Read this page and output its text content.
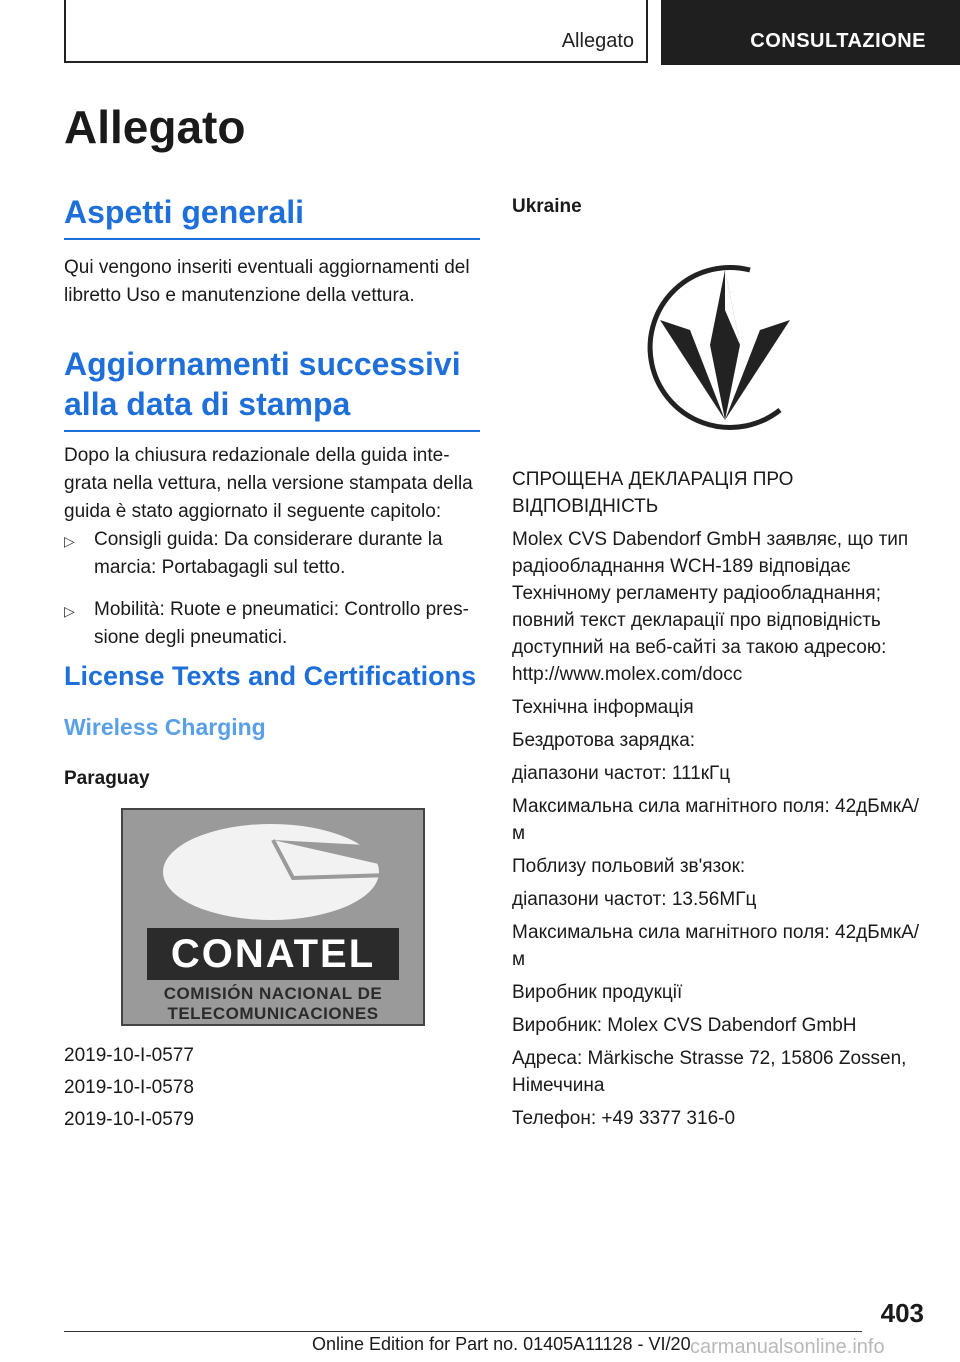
Allegato	CONSULTAZIONE
Allegato
Aspetti generali

Qui vengono inseriti eventuali aggiornamenti del libretto Uso e manutenzione della vettura.

Aggiornamenti successivi
alla data di stampa

Dopo la chiusura redazionale della guida integrata nella vettura, nella versione stampata della guida è stato aggiornato il seguente capitolo:

▷ Consigli guida: Da considerare durante la marcia: Portabagagli sul tetto.
▷ Mobilità: Ruote e pneumatici: Controllo pressione degli pneumatici.
License Texts and Certifications
Wireless Charging
Paraguay
CONATEL
COMISIÓN NACIONAL DE
TELECOMUNICACIONES
2019-10-I-0577
2019-10-I-0578
2019-10-I-0579
Ukraine

СПРОЩЕНА ДЕКЛАРАЦІЯ ПРО ВІДПОВІДНІСТЬ

Molex CVS Dabendorf GmbH заявляє, що тип радіообладнання WCH-189 відповідає Технічному регламенту радіообладнання; повний текст декларації про відповідність доступний на веб-сайті за такою адресою: http://www.molex.com/docc

Технічна інформація

Бездротова зарядка:

діапазони частот: 111кГц

Максимальна сила магнітного поля: 42дБмкА/м

Поблизу польовий зв'язок:

діапазони частот: 13.56МГц

Максимальна сила магнітного поля: 42дБмкА/м

Виробник продукції

Виробник: Molex CVS Dabendorf GmbH

Адреса: Märkische Strasse 72, 15806 Zossen, Німеччина

Телефон: +49 3377 316-0

403
Online Edition for Part no. 01405A11128 - VI/20 carmanualsonline.info
